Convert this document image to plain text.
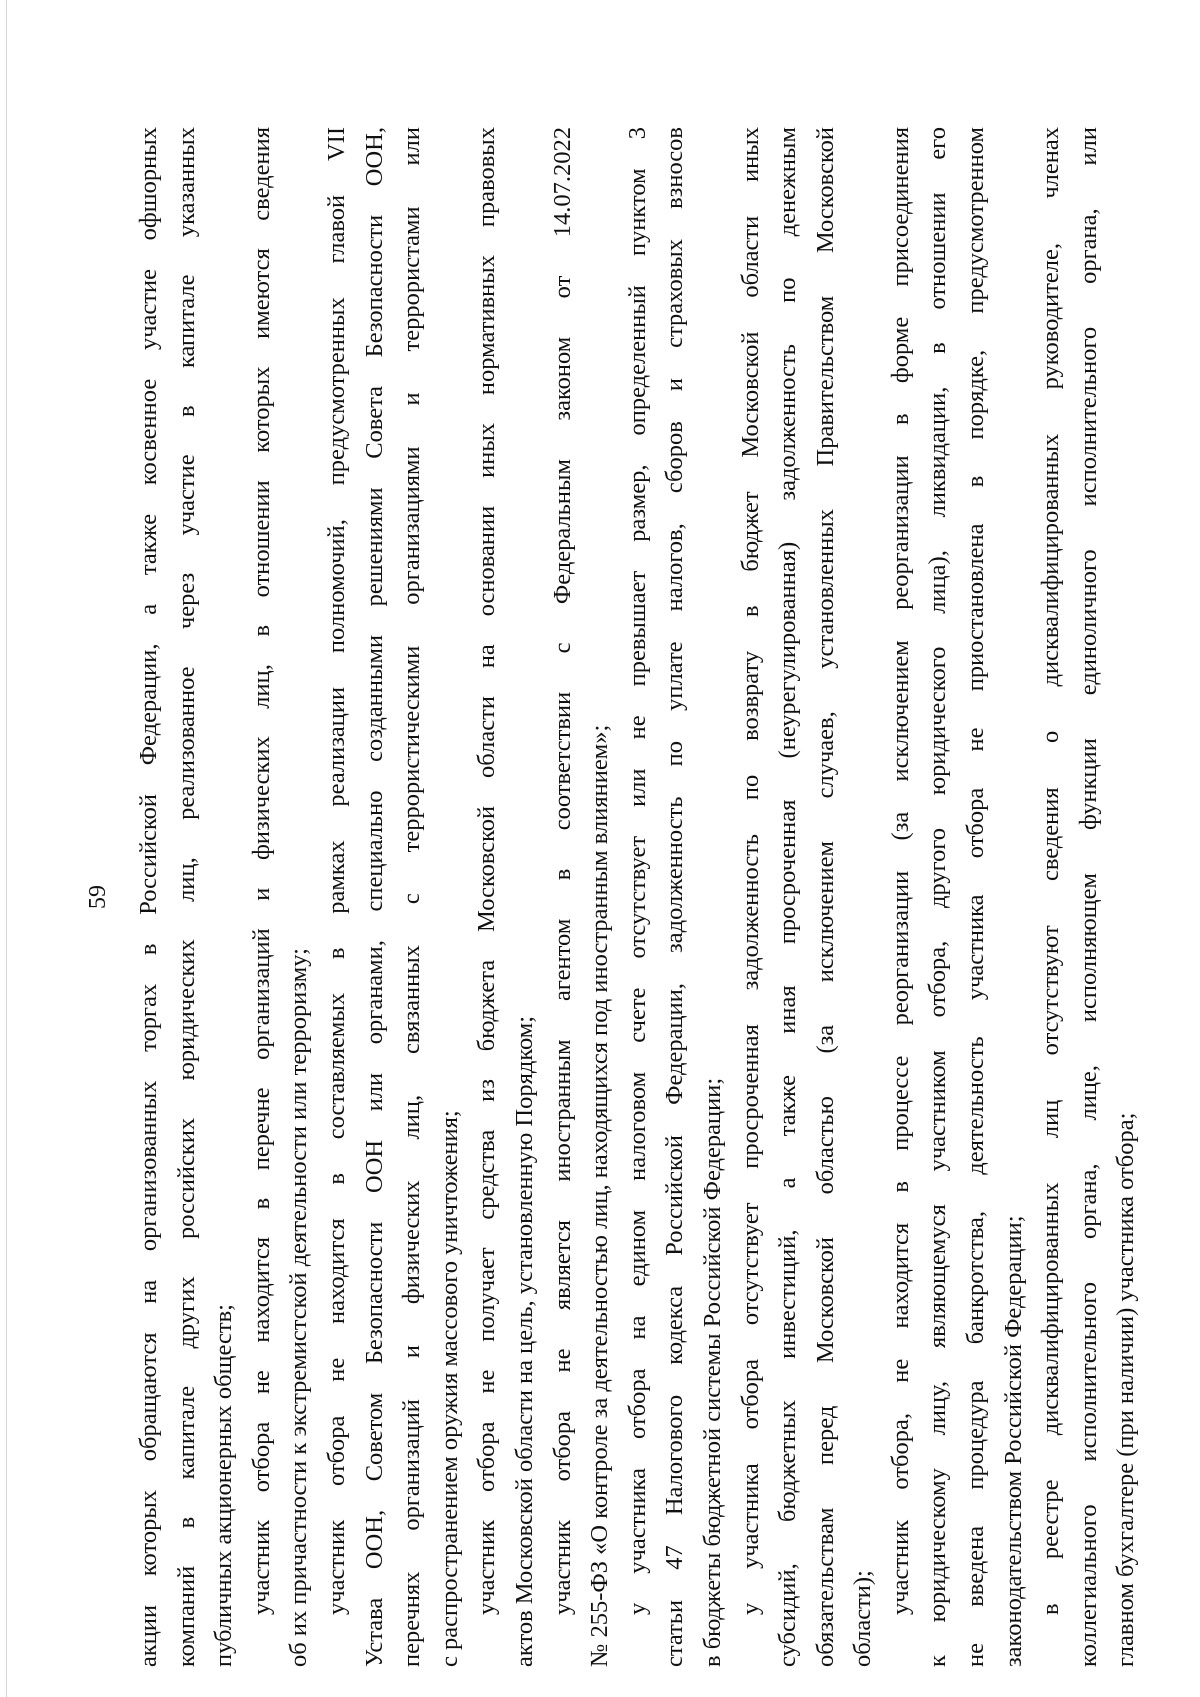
59 акции которых обращаются на организованных торгах в Российской Федерации, а также косвенное участие офшорных компаний в капитале других российских юридических лиц, реализованное через участие в капитале указанных публичных акционерных обществ; участник отбора не находится в перечне организаций и физических лиц, в отношении которых имеются сведения об их причастности к экстремистской деятельности или терроризму; участник отбора не находится в составляемых в рамках реализации полномочий, предусмотренных главой VII Устава ООН, Советом Безопасности ООН или органами, специально созданными решениями Совета Безопасности ООН, перечнях организаций и физических лиц, связанных с террористическими организациями и террористами или с распространением оружия массового уничтожения; участник отбора не получает средства из бюджета Московской области на основании иных нормативных правовых актов Московской области на цель, установленную Порядком; участник отбора не является иностранным агентом в соответствии с Федеральным законом от 14.07.2022 № 255-ФЗ «О контроле за деятельностью лиц, находящихся под иностранным влиянием»; у участника отбора на едином налоговом счете отсутствует или не превышает размер, определенный пунктом 3 статьи 47 Налогового кодекса Российской Федерации, задолженность по уплате налогов, сборов и страховых взносов в бюджеты бюджетной системы Российской Федерации; у участника отбора отсутствует просроченная задолженность по возврату в бюджет Московской области иных субсидий, бюджетных инвестиций, а также иная просроченная (неурегулированная) задолженность по денежным обязательствам перед Московской областью (за исключением случаев, установленных Правительством Московской области);
участник отбора, не находится в процессе реорганизации (за исключением реорганизации в форме присоединения к юридическому лицу, являющемуся участником отбора, другого юридического лица), ликвидации, в отношении его не введена процедура банкротства, деятельность участника отбора не приостановлена в порядке, предусмотренном законодательством Российской Федерации; в реестре дисквалифицированных лиц отсутствуют сведения о дисквалифицированных руководителе, членах коллегиального исполнительного органа, лице, исполняющем функции единоличного исполнительного органа, или главном бухгалтере (при наличии) участника отбора;
